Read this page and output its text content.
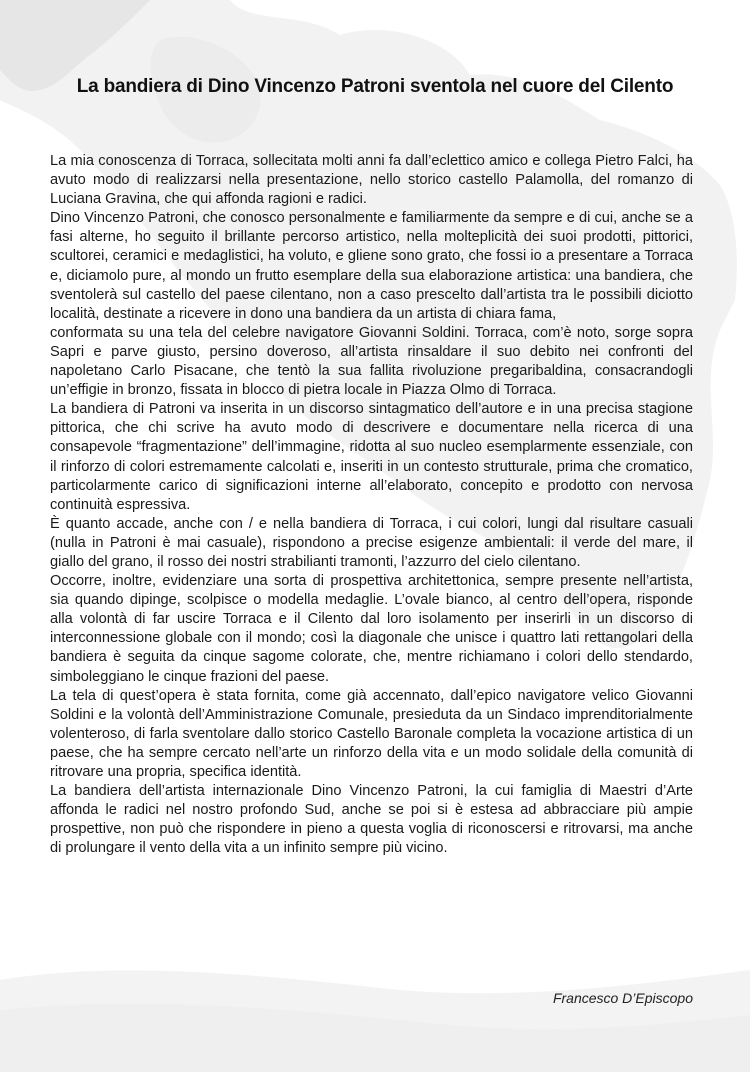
La bandiera di Dino Vincenzo Patroni sventola nel cuore del Cilento

La mia conoscenza di Torraca, sollecitata molti anni fa dall’eclettico amico e collega Pietro Falci, ha avuto modo di realizzarsi nella presentazione, nello storico castello Palamolla, del romanzo di Luciana Gravina, che qui affonda ragioni e radici.

Dino Vincenzo Patroni, che conosco personalmente e familiarmente da sempre e di cui, anche se a fasi alterne, ho seguito il brillante percorso artistico, nella molteplicità dei suoi prodotti, pittorici, scultorei, ceramici e medaglistici, ha voluto, e gliene sono grato, che fossi io a presentare a Torraca e, diciamolo pure, al mondo un frutto esemplare della sua elaborazione artistica: una bandiera, che sventolerà sul castello del paese cilentano, non a caso prescelto dall’artista tra le possibili diciotto località, destinate a ricevere in dono una bandiera da un artista di chiara fama,

conformata su una tela del celebre navigatore Giovanni Soldini. Torraca, com’è noto, sorge sopra Sapri e parve giusto, persino doveroso, all’artista rinsaldare il suo debito nei confronti del napoletano Carlo Pisacane, che tentò la sua fallita rivoluzione pregaribaldina, consacrandogli un’effigie in bronzo, fissata in blocco di pietra locale in Piazza Olmo di Torraca.

La bandiera di Patroni va inserita in un discorso sintagmatico dell’autore e in una precisa stagione pittorica, che chi scrive ha avuto modo di descrivere e documentare nella ricerca di una consapevole “fragmentazione” dell’immagine, ridotta al suo nucleo esemplarmente essenziale, con il rinforzo di colori estremamente calcolati e, inseriti in un contesto strutturale, prima che cromatico, particolarmente carico di significazioni interne all’elaborato, concepito e prodotto con nervosa continuità espressiva.

È quanto accade, anche con / e nella bandiera di Torraca, i cui colori, lungi dal risultare casuali (nulla in Patroni è mai casuale), rispondono a precise esigenze ambientali: il verde del mare, il giallo del grano, il rosso dei nostri strabilianti tramonti, l’azzurro del cielo cilentano.

Occorre, inoltre, evidenziare una sorta di prospettiva architettonica, sempre presente nell’artista, sia quando dipinge, scolpisce o modella medaglie. L’ovale bianco, al centro dell’opera, risponde alla volontà di far uscire Torraca e il Cilento dal loro isolamento per inserirli in un discorso di interconnessione globale con il mondo; così la diagonale che unisce i quattro lati rettangolari della bandiera è seguita da cinque sagome colorate, che, mentre richiamano i colori dello stendardo, simboleggiano le cinque frazioni del paese.

La tela di quest’opera è stata fornita, come già accennato, dall’epico navigatore velico Giovanni Soldini e la volontà dell’Amministrazione Comunale, presieduta da un Sindaco imprenditorialmente volenteroso, di farla sventolare dallo storico Castello Baronale completa la vocazione artistica di un paese, che ha sempre cercato nell’arte un rinforzo della vita e un modo solidale della comunità di ritrovare una propria, specifica identità.

La bandiera dell’artista internazionale Dino Vincenzo Patroni, la cui famiglia di Maestri d’Arte affonda le radici nel nostro profondo Sud, anche se poi si è estesa ad abbracciare più ampie prospettive, non può che rispondere in pieno a questa voglia di riconoscersi e ritrovarsi, ma anche di prolungare il vento della vita a un infinito sempre più vicino.

Francesco D’Episcopo
